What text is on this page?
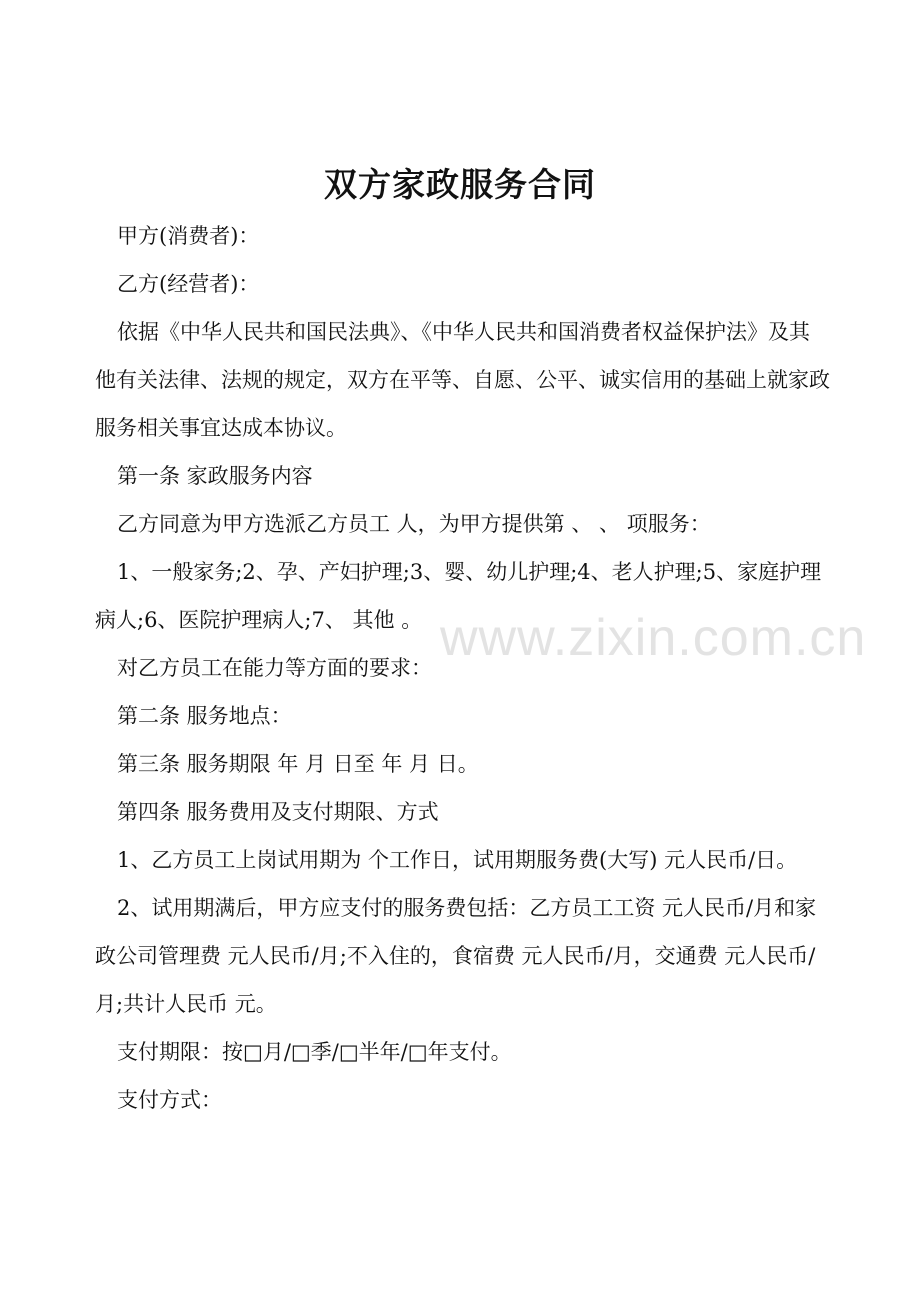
双方家政服务合同

甲方(消费者)：

乙方(经营者)：

依据《中华人民共和国民法典》、《中华人民共和国消费者权益保护法》及其他有关法律、法规的规定，双方在平等、自愿、公平、诚实信用的基础上就家政服务相关事宜达成本协议。

第一条 家政服务内容

乙方同意为甲方选派乙方员工 人，为甲方提供第 、 、 项服务：

1、一般家务;2、孕、产妇护理;3、婴、幼儿护理;4、老人护理;5、家庭护理病人;6、医院护理病人;7、 其他 。

对乙方员工在能力等方面的要求：

第二条 服务地点：

第三条 服务期限 年 月 日至 年 月 日。

第四条 服务费用及支付期限、方式

1、乙方员工上岗试用期为 个工作日，试用期服务费(大写) 元人民币/日。

2、试用期满后，甲方应支付的服务费包括：乙方员工工资 元人民币/月和家政公司管理费 元人民币/月;不入住的，食宿费 元人民币/月，交通费 元人民币/月;共计人民币 元。

支付期限：按□月/□季/□半年/□年支付。

支付方式：

www.zixin.com.cn
